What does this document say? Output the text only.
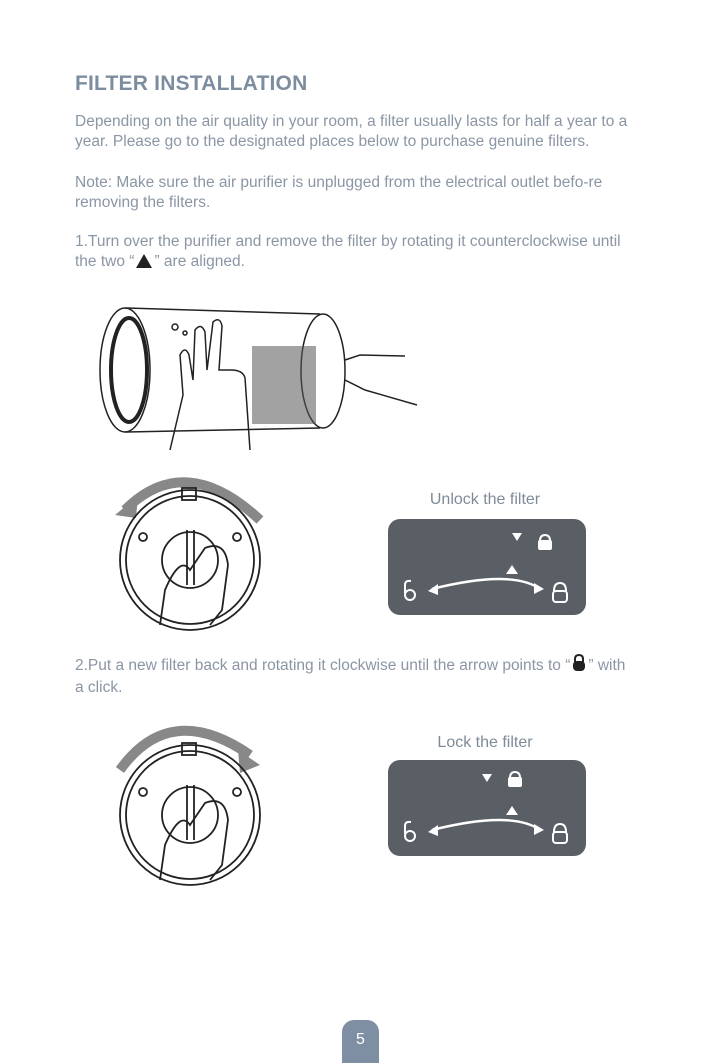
FILTER INSTALLATION

Depending on the air quality in your room, a filter usually lasts for half a year to a year. Please go to the designated places below to purchase genuine filters.

Note: Make sure the air purifier is unplugged from the electrical outlet befo-re removing the filters.

1.Turn over the purifier and remove the filter by rotating it counterclockwise until the two “ ” are aligned.

Unlock the filter

2.Put a new filter back and rotating it clockwise until the arrow points to “ ” with a click.

Lock the filter
5
